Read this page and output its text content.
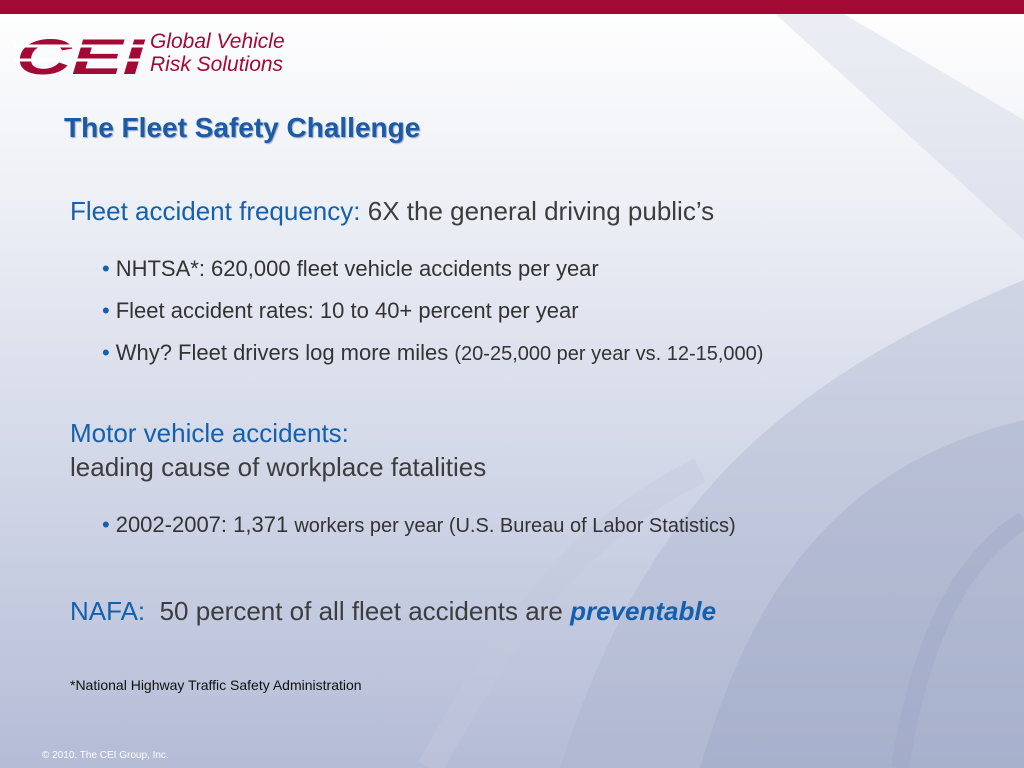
CEI Global Vehicle
Risk Solutions
The Fleet Safety Challenge
Fleet accident frequency: 6X the general driving public’s
• NHTSA*: 620,000 fleet vehicle accidents per year
• Fleet accident rates: 10 to 40+ percent per year
• Why? Fleet drivers log more miles (20-25,000 per year vs. 12-15,000)
Motor vehicle accidents:
leading cause of workplace fatalities
• 2002-2007: 1,371 workers per year (U.S. Bureau of Labor Statistics)
NAFA: 50 percent of all fleet accidents are preventable
*National Highway Traffic Safety Administration
© 2010. The CEI Group, Inc.
